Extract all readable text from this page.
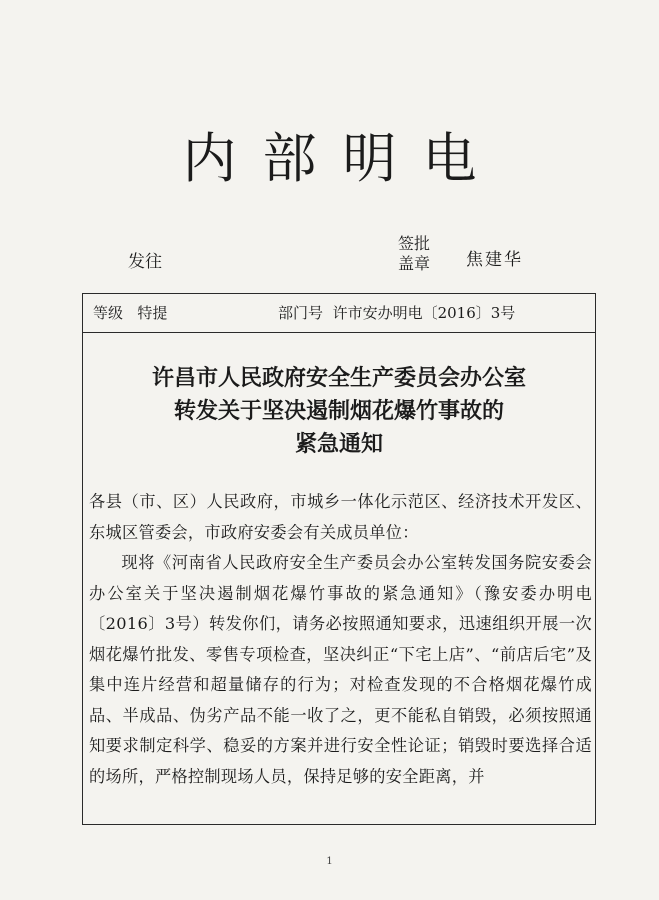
内部明电
发往
签批
盖章 焦建华
等级 特提	部门号 许市安办明电〔2016〕3号
许昌市人民政府安全生产委员会办公室
转发关于坚决遏制烟花爆竹事故的
紧急通知

各县（市、区）人民政府，市城乡一体化示范区、经济技术开发区、东城区管委会，市政府安委会有关成员单位：

现将《河南省人民政府安全生产委员会办公室转发国务院安委会办公室关于坚决遏制烟花爆竹事故的紧急通知》（豫安委办明电〔2016〕3号）转发你们，请务必按照通知要求，迅速组织开展一次烟花爆竹批发、零售专项检查，坚决纠正“下宅上店”、“前店后宅”及集中连片经营和超量储存的行为；对检查发现的不合格烟花爆竹成品、半成品、伪劣产品不能一收了之，更不能私自销毁，必须按照通知要求制定科学、稳妥的方案并进行安全性论证；销毁时要选择合适的场所，严格控制现场人员，保持足够的安全距离，并

1
